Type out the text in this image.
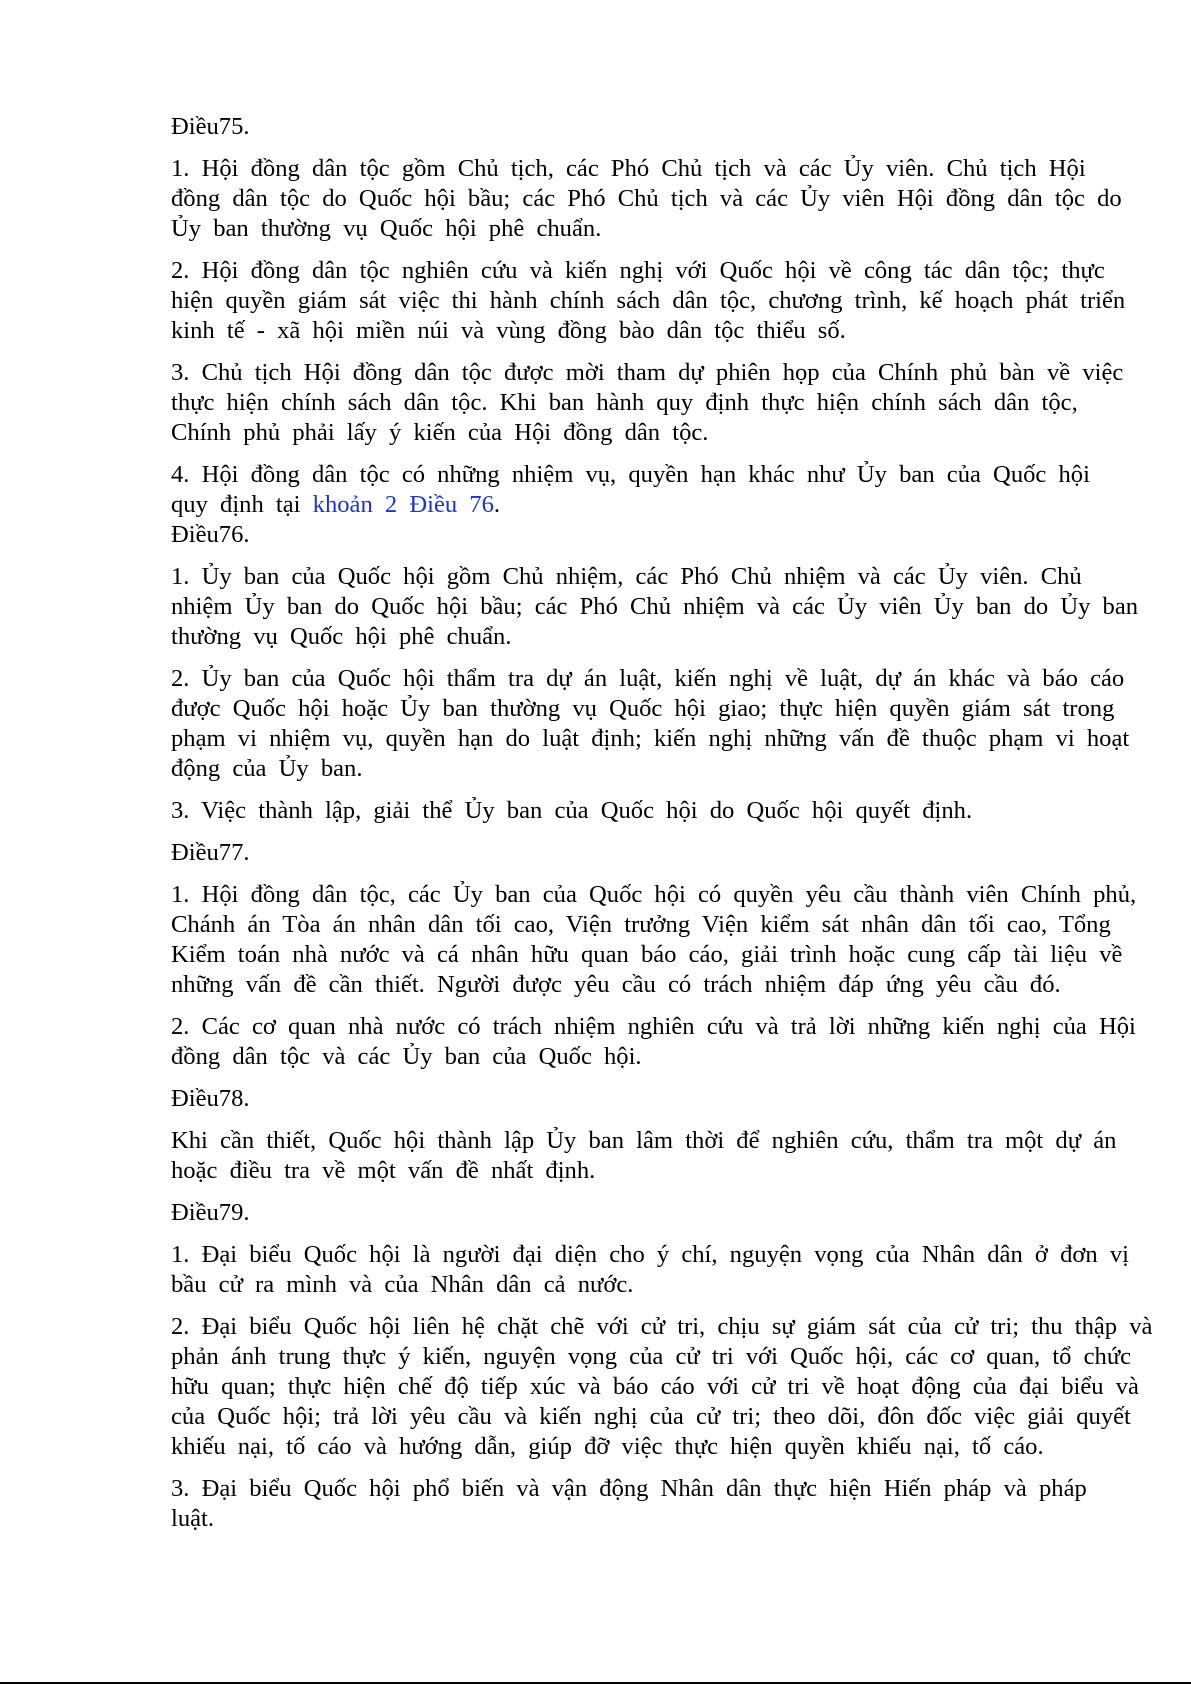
Điều75.
1. Hội đồng dân tộc gồm Chủ tịch, các Phó Chủ tịch và các Ủy viên. Chủ tịch Hội
đồng dân tộc do Quốc hội bầu; các Phó Chủ tịch và các Ủy viên Hội đồng dân tộc do
Ủy ban thường vụ Quốc hội phê chuẩn.
2. Hội đồng dân tộc nghiên cứu và kiến nghị với Quốc hội về công tác dân tộc; thực
hiện quyền giám sát việc thi hành chính sách dân tộc, chương trình, kế hoạch phát triển
kinh tế - xã hội miền núi và vùng đồng bào dân tộc thiểu số.
3. Chủ tịch Hội đồng dân tộc được mời tham dự phiên họp của Chính phủ bàn về việc
thực hiện chính sách dân tộc. Khi ban hành quy định thực hiện chính sách dân tộc,
Chính phủ phải lấy ý kiến của Hội đồng dân tộc.
4. Hội đồng dân tộc có những nhiệm vụ, quyền hạn khác như Ủy ban của Quốc hội
quy định tại khoản 2 Điều 76.
Điều76.
1. Ủy ban của Quốc hội gồm Chủ nhiệm, các Phó Chủ nhiệm và các Ủy viên. Chủ
nhiệm Ủy ban do Quốc hội bầu; các Phó Chủ nhiệm và các Ủy viên Ủy ban do Ủy ban
thường vụ Quốc hội phê chuẩn.
2. Ủy ban của Quốc hội thẩm tra dự án luật, kiến nghị về luật, dự án khác và báo cáo
được Quốc hội hoặc Ủy ban thường vụ Quốc hội giao; thực hiện quyền giám sát trong
phạm vi nhiệm vụ, quyền hạn do luật định; kiến nghị những vấn đề thuộc phạm vi hoạt
động của Ủy ban.
3. Việc thành lập, giải thể Ủy ban của Quốc hội do Quốc hội quyết định.
Điều77.
1. Hội đồng dân tộc, các Ủy ban của Quốc hội có quyền yêu cầu thành viên Chính phủ,
Chánh án Tòa án nhân dân tối cao, Viện trưởng Viện kiểm sát nhân dân tối cao, Tổng
Kiểm toán nhà nước và cá nhân hữu quan báo cáo, giải trình hoặc cung cấp tài liệu về
những vấn đề cần thiết. Người được yêu cầu có trách nhiệm đáp ứng yêu cầu đó.
2. Các cơ quan nhà nước có trách nhiệm nghiên cứu và trả lời những kiến nghị của Hội
đồng dân tộc và các Ủy ban của Quốc hội.
Điều78.
Khi cần thiết, Quốc hội thành lập Ủy ban lâm thời để nghiên cứu, thẩm tra một dự án
hoặc điều tra về một vấn đề nhất định.
Điều79.
1. Đại biểu Quốc hội là người đại diện cho ý chí, nguyện vọng của Nhân dân ở đơn vị
bầu cử ra mình và của Nhân dân cả nước.
2. Đại biểu Quốc hội liên hệ chặt chẽ với cử tri, chịu sự giám sát của cử tri; thu thập và
phản ánh trung thực ý kiến, nguyện vọng của cử tri với Quốc hội, các cơ quan, tổ chức
hữu quan; thực hiện chế độ tiếp xúc và báo cáo với cử tri về hoạt động của đại biểu và
của Quốc hội; trả lời yêu cầu và kiến nghị của cử tri; theo dõi, đôn đốc việc giải quyết
khiếu nại, tố cáo và hướng dẫn, giúp đỡ việc thực hiện quyền khiếu nại, tố cáo.
3. Đại biểu Quốc hội phổ biến và vận động Nhân dân thực hiện Hiến pháp và pháp
luật.
